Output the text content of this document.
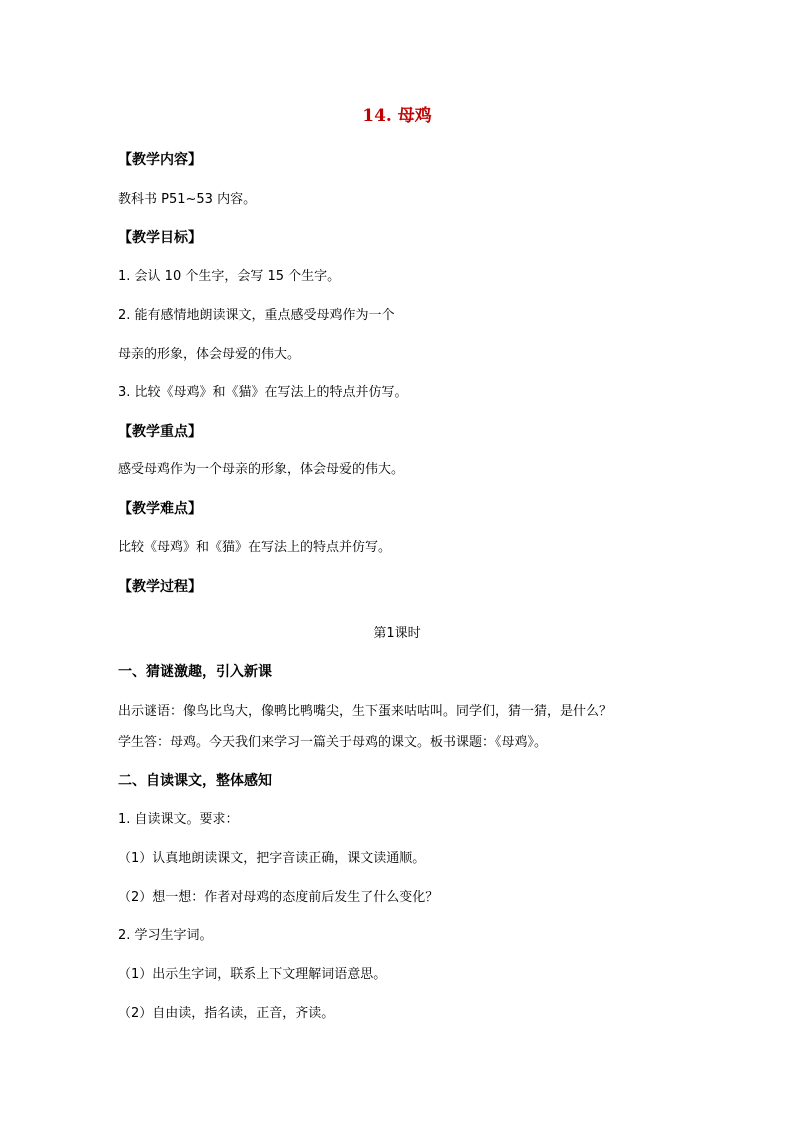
14. 母鸡
【教学内容】
教科书 P51~53 内容。
【教学目标】
1. 会认 10 个生字，会写 15 个生字。
2. 能有感情地朗读课文，重点感受母鸡作为一个
母亲的形象，体会母爱的伟大。
3. 比较《母鸡》和《猫》在写法上的特点并仿写。
【教学重点】
感受母鸡作为一个母亲的形象，体会母爱的伟大。
【教学难点】
比较《母鸡》和《猫》在写法上的特点并仿写。
【教学过程】
第1课时
一、猜谜激趣，引入新课
出示谜语：像鸟比鸟大，像鸭比鸭嘴尖，生下蛋来咕咕叫。同学们，猜一猜，是什么？
学生答：母鸡。今天我们来学习一篇关于母鸡的课文。板书课题：《母鸡》。
二、自读课文，整体感知
1. 自读课文。要求：
（1）认真地朗读课文，把字音读正确，课文读通顺。
（2）想一想：作者对母鸡的态度前后发生了什么变化？
2. 学习生字词。
（1）出示生字词，联系上下文理解词语意思。
（2）自由读，指名读，正音，齐读。
